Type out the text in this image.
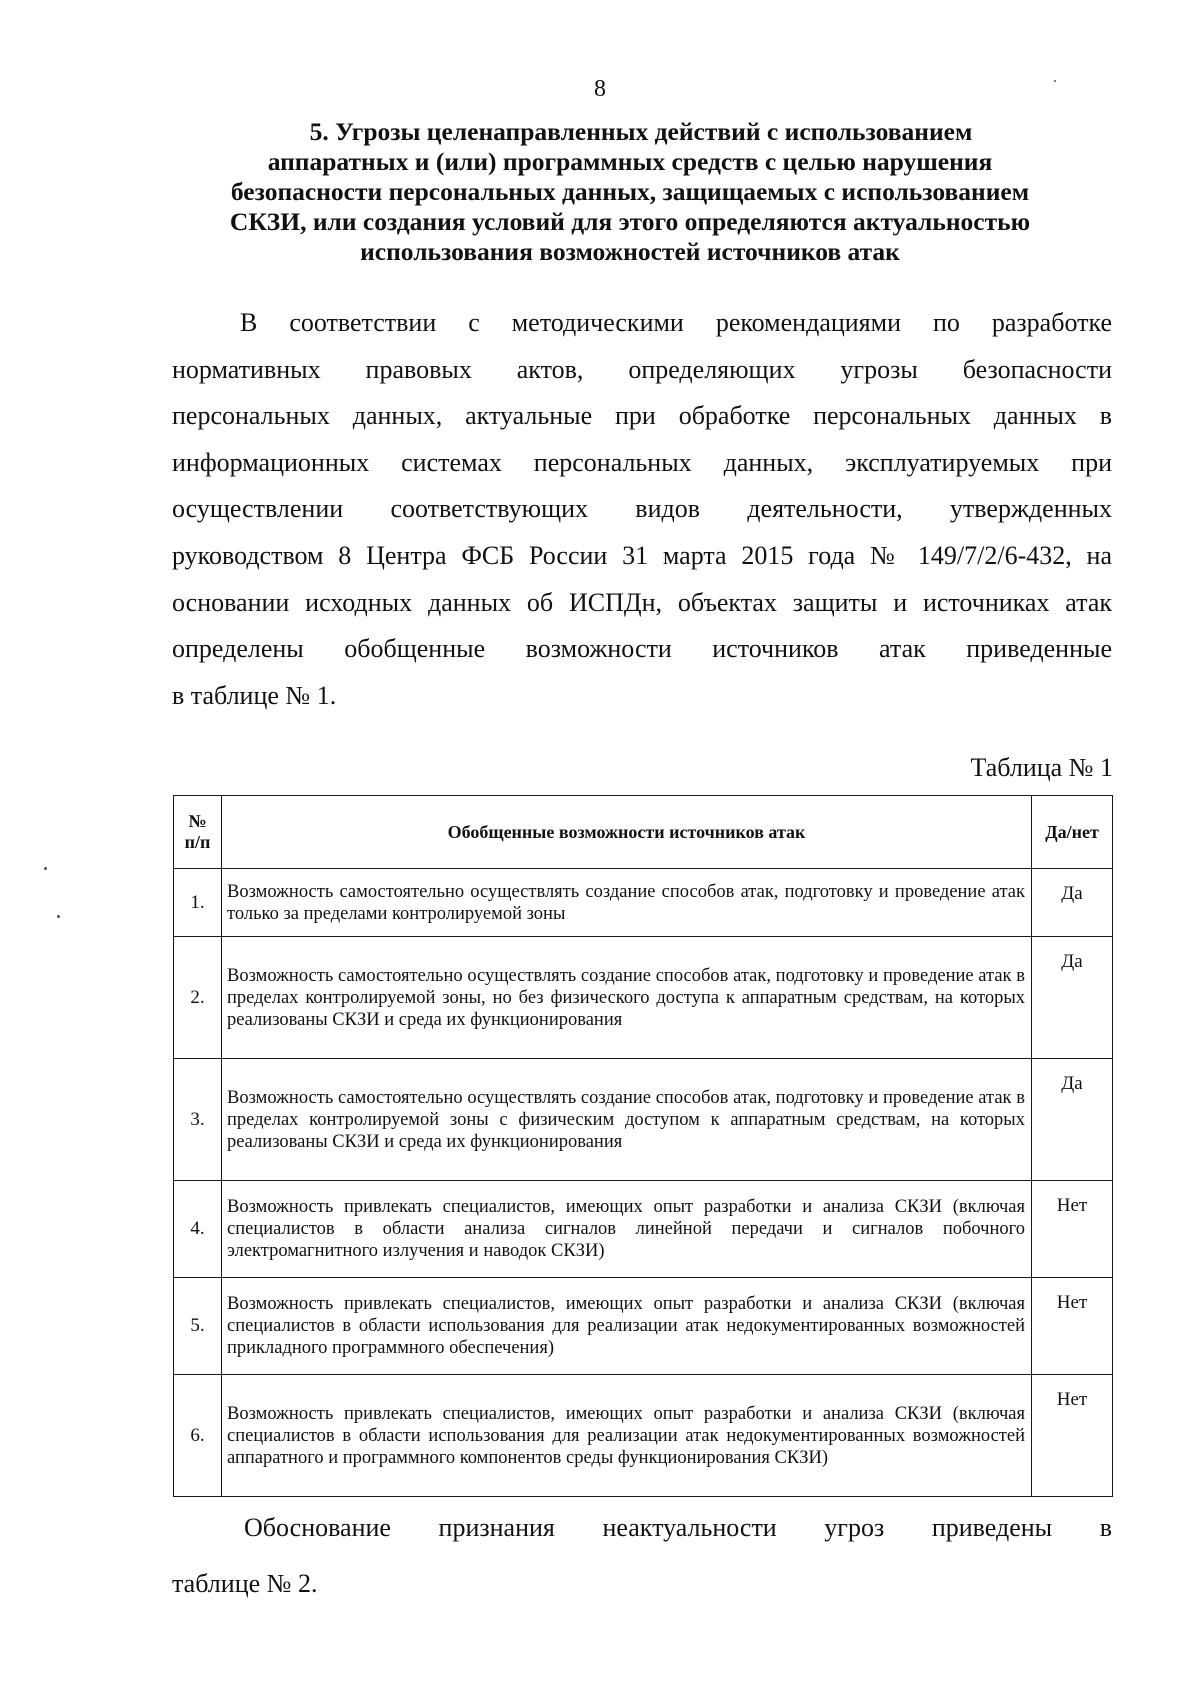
8
5. Угрозы целенаправленных действий с использованием
аппаратных и (или) программных средств с целью нарушения
безопасности персональных данных, защищаемых с использованием
СКЗИ, или создания условий для этого определяются актуальностью
использования возможностей источников атак
В соответствии с методическими рекомендациями по разработке
нормативных правовых актов, определяющих угрозы безопасности
персональных данных, актуальные при обработке персональных данных в
информационных системах персональных данных, эксплуатируемых при
осуществлении соответствующих видов деятельности, утвержденных
руководством 8 Центра ФСБ России 31 марта 2015 года № 149/7/2/6-432, на
основании исходных данных об ИСПДн, объектах защиты и источниках атак
определены обобщенные возможности источников атак приведенные
в таблице № 1.
Таблица № 1
№
п/п	Обобщенные возможности источников атак	Да/нет
1.	Возможность самостоятельно осуществлять создание способов атак, подготовку и проведение атак только за пределами контролируемой зоны	Да
2.	Возможность самостоятельно осуществлять создание способов атак, подготовку и проведение атак в пределах контролируемой зоны, но без физического доступа к аппаратным средствам, на которых реализованы СКЗИ и среда их функционирования	Да
3.	Возможность самостоятельно осуществлять создание способов атак, подготовку и проведение атак в пределах контролируемой зоны с физическим доступом к аппаратным средствам, на которых реализованы СКЗИ и среда их функционирования	Да
4.	Возможность привлекать специалистов, имеющих опыт разработки и анализа СКЗИ (включая специалистов в области анализа сигналов линейной передачи и сигналов побочного электромагнитного излучения и наводок СКЗИ)	Нет
5.	Возможность привлекать специалистов, имеющих опыт разработки и анализа СКЗИ (включая специалистов в области использования для реализации атак недокументированных возможностей прикладного программного обеспечения)	Нет
6.	Возможность привлекать специалистов, имеющих опыт разработки и анализа СКЗИ (включая специалистов в области использования для реализации атак недокументированных возможностей аппаратного и программного компонентов среды функционирования СКЗИ)	Нет
Обоснование признания неактуальности угроз приведены в
таблице № 2.
